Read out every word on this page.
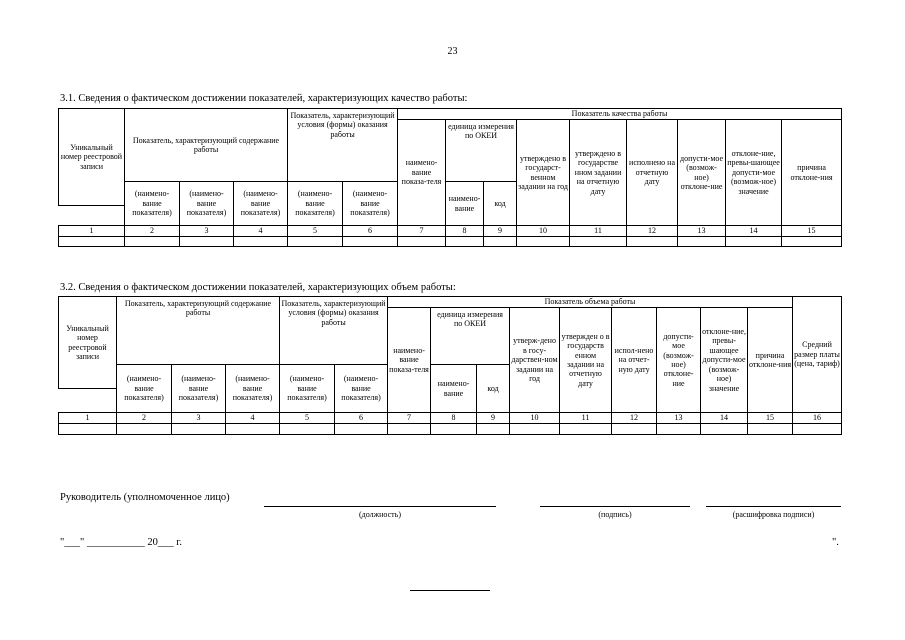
23
3.1. Сведения о фактическом достижении показателей, характеризующих качество работы:
Уникальный номер реестровой записи	Показатель, характеризующий содержание работы			Показатель, характеризующий условия (формы) оказания работы		Показатель качества работы								
						наимено-вание показа-теля	единица измерения по ОКЕИ		утверждено в государст-венном задании на год	утверждено в государстве нном задании на отчетную дату	исполнено на отчетную дату	допусти-мое (возмож-ное) отклоне-ние	отклоне-ние, превы-шающее допусти-мое (возмож-ное) значение	причина отклоне-ния
	(наимено-вание показателя)	(наимено-вание показателя)	(наимено-вание показателя)	(наимено-вание показателя)	(наимено-вание показателя)		наимено-вание	код						

1	2	3	4	5	6	7	8	9	10	11	12	13	14	15

3.2. Сведения о фактическом достижении показателей, характеризующих объем работы:
Уникальный номер реестровой записи	Показатель, характеризующий содержание работы			Показатель, характеризующий условия (формы) оказания работы		Показатель объема работы									Средний размер платы (цена, тариф)
						наимено-вание показа-теля	единица измерения по ОКЕИ		утверж-дено в госу-дарствен-ном задании на год	утвержден о в государств енном задании на отчетную дату	испол-нено на отчет-ную дату	допусти-мое (возмож-ное) отклоне-ние	отклоне-ние, превы-шающее допусти-мое (возмож-ное) значение	причина отклоне-ния	
	(наимено-вание показателя)	(наимено-вание показателя)	(наимено-вание показателя)	(наимено-вание показателя)	(наимено-вание показателя)		наимено-вание	код							

1	2	3	4	5	6	7	8	9	10	11	12	13	14	15	16

Руководитель (уполномоченное лицо)
(должность)	(подпись)	(расшифровка подписи)
"___" ___________ 20___ г.	".
